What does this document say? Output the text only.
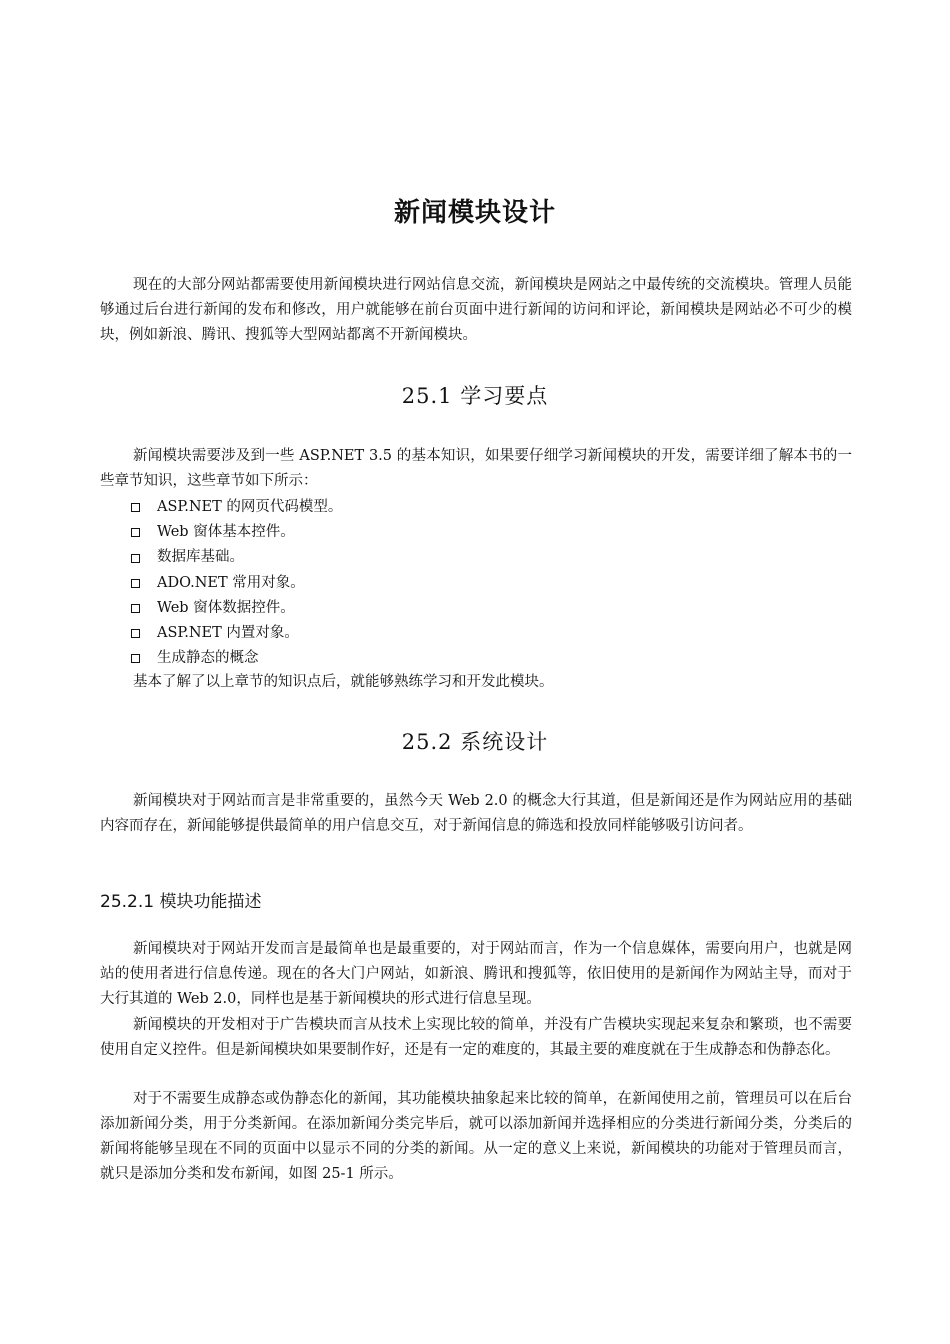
新闻模块设计

现在的大部分网站都需要使用新闻模块进行网站信息交流，新闻模块是网站之中最传统的交流模块。管理人员能够通过后台进行新闻的发布和修改，用户就能够在前台页面中进行新闻的访问和评论，新闻模块是网站必不可少的模块，例如新浪、腾讯、搜狐等大型网站都离不开新闻模块。

25.1 学习要点

新闻模块需要涉及到一些 ASP.NET 3.5 的基本知识，如果要仔细学习新闻模块的开发，需要详细了解本书的一些章节知识，这些章节如下所示：

ASP.NET 的网页代码模型。
Web 窗体基本控件。
数据库基础。
ADO.NET 常用对象。
Web 窗体数据控件。
ASP.NET 内置对象。
生成静态的概念

基本了解了以上章节的知识点后，就能够熟练学习和开发此模块。

25.2 系统设计

新闻模块对于网站而言是非常重要的，虽然今天 Web 2.0 的概念大行其道，但是新闻还是作为网站应用的基础内容而存在，新闻能够提供最简单的用户信息交互，对于新闻信息的筛选和投放同样能够吸引访问者。

25.2.1 模块功能描述

新闻模块对于网站开发而言是最简单也是最重要的，对于网站而言，作为一个信息媒体，需要向用户，也就是网站的使用者进行信息传递。现在的各大门户网站，如新浪、腾讯和搜狐等，依旧使用的是新闻作为网站主导，而对于大行其道的 Web 2.0，同样也是基于新闻模块的形式进行信息呈现。

新闻模块的开发相对于广告模块而言从技术上实现比较的简单，并没有广告模块实现起来复杂和繁琐，也不需要使用自定义控件。但是新闻模块如果要制作好，还是有一定的难度的，其最主要的难度就在于生成静态和伪静态化。

对于不需要生成静态或伪静态化的新闻，其功能模块抽象起来比较的简单，在新闻使用之前，管理员可以在后台添加新闻分类，用于分类新闻。在添加新闻分类完毕后，就可以添加新闻并选择相应的分类进行新闻分类，分类后的新闻将能够呈现在不同的页面中以显示不同的分类的新闻。从一定的意义上来说，新闻模块的功能对于管理员而言，就只是添加分类和发布新闻，如图 25-1 所示。
